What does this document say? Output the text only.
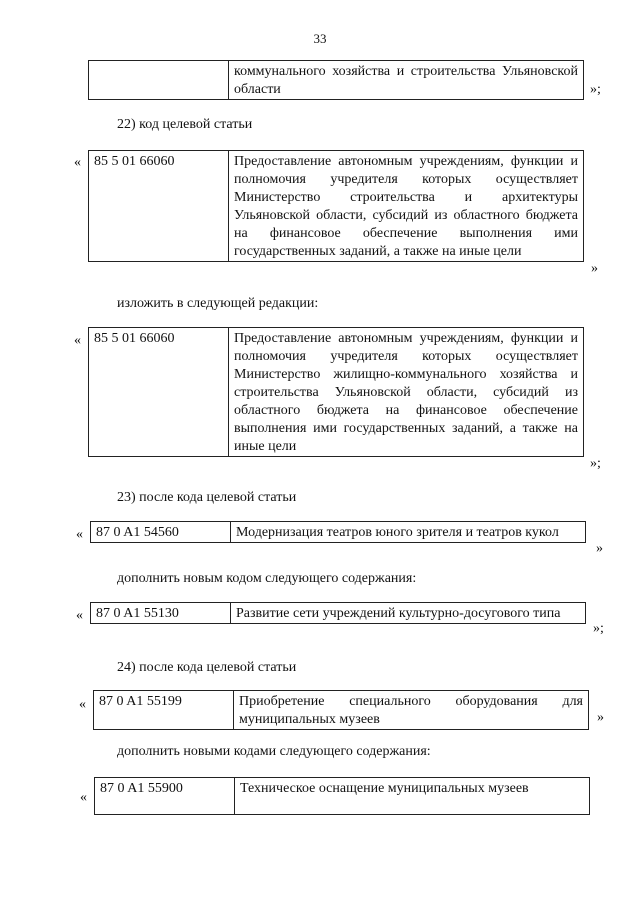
33
	коммунального хозяйства и строительства Ульяновской области	»;
22) код целевой статьи
« 85 5 01 66060	Предоставление автономным учреждениям, функции и полномочия учредителя которых осуществляет Министерство строительства и архитектуры Ульяновской области, субсидий из областного бюджета на финансовое обеспечение выполнения ими государственных заданий, а также на иные цели
»
изложить в следующей редакции:
« 85 5 01 66060	Предоставление автономным учреждениям, функции и полномочия учредителя которых осуществляет Министерство жилищно-коммунального хозяйства и строительства Ульяновской области, субсидий из областного бюджета на финансовое обеспечение выполнения ими государственных заданий, а также на иные цели
»;
23) после кода целевой статьи
« 87 0 A1 54560	Модернизация театров юного зрителя и театров кукол
»
дополнить новым кодом следующего содержания:
« 87 0 A1 55130	Развитие сети учреждений культурно-досугового типа
»;
24) после кода целевой статьи
« 87 0 A1 55199	Приобретение специального оборудования для муниципальных музеев	»
дополнить новыми кодами следующего содержания:
«
87 0 A1 55900	Техническое оснащение муниципальных музеев
